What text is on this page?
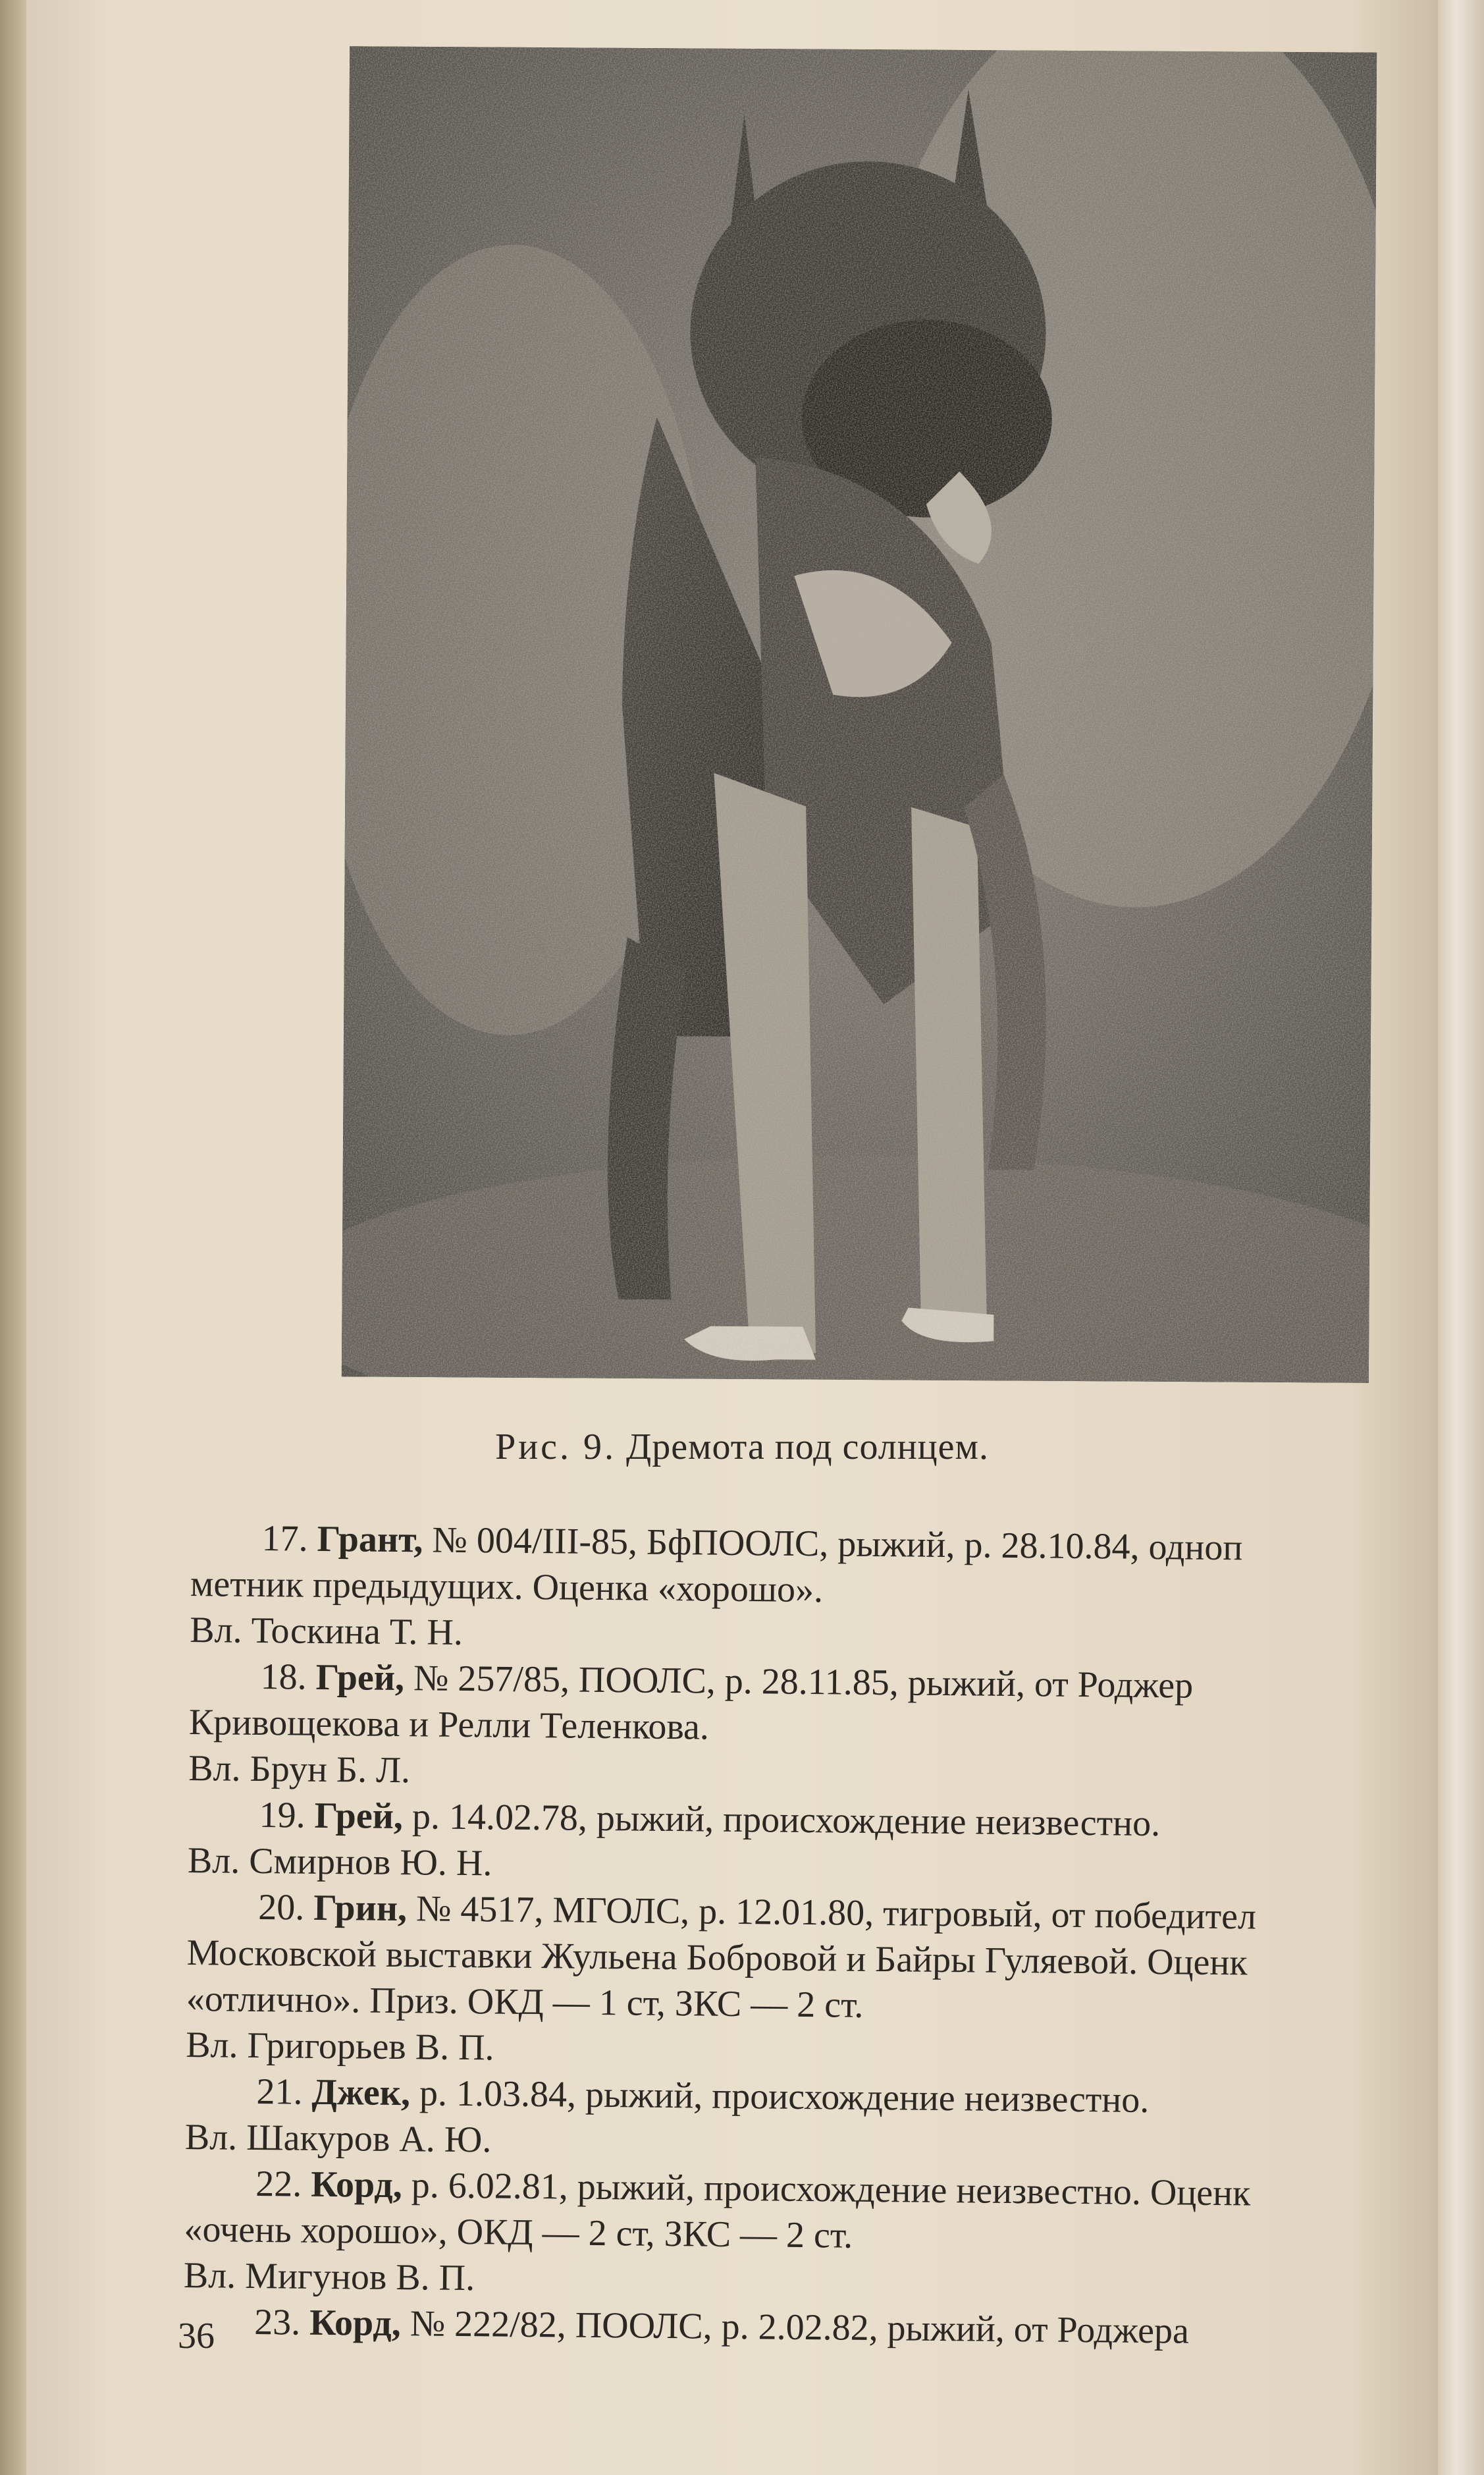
Рис. 9. Дремота под солнцем.
17. Грант, № 004/III-85, БфПООЛС, рыжий, р. 28.10.84, одноп
метник предыдущих. Оценка «хорошо».
Вл. Тоскина Т. Н.
18. Грей, № 257/85, ПООЛС, р. 28.11.85, рыжий, от Роджер
Кривощекова и Релли Теленкова.
Вл. Брун Б. Л.
19. Грей, р. 14.02.78, рыжий, происхождение неизвестно.
Вл. Смирнов Ю. Н.
20. Грин, № 4517, МГОЛС, р. 12.01.80, тигровый, от победител
Московской выставки Жульена Бобровой и Байры Гуляевой. Оценк
«отлично». Приз. ОКД — 1 ст, ЗКС — 2 ст.
Вл. Григорьев В. П.
21. Джек, р. 1.03.84, рыжий, происхождение неизвестно.
Вл. Шакуров А. Ю.
22. Корд, р. 6.02.81, рыжий, происхождение неизвестно. Оценк
«очень хорошо», ОКД — 2 ст, ЗКС — 2 ст.
Вл. Мигунов В. П.
23. Корд, № 222/82, ПООЛС, р. 2.02.82, рыжий, от Роджера
36
